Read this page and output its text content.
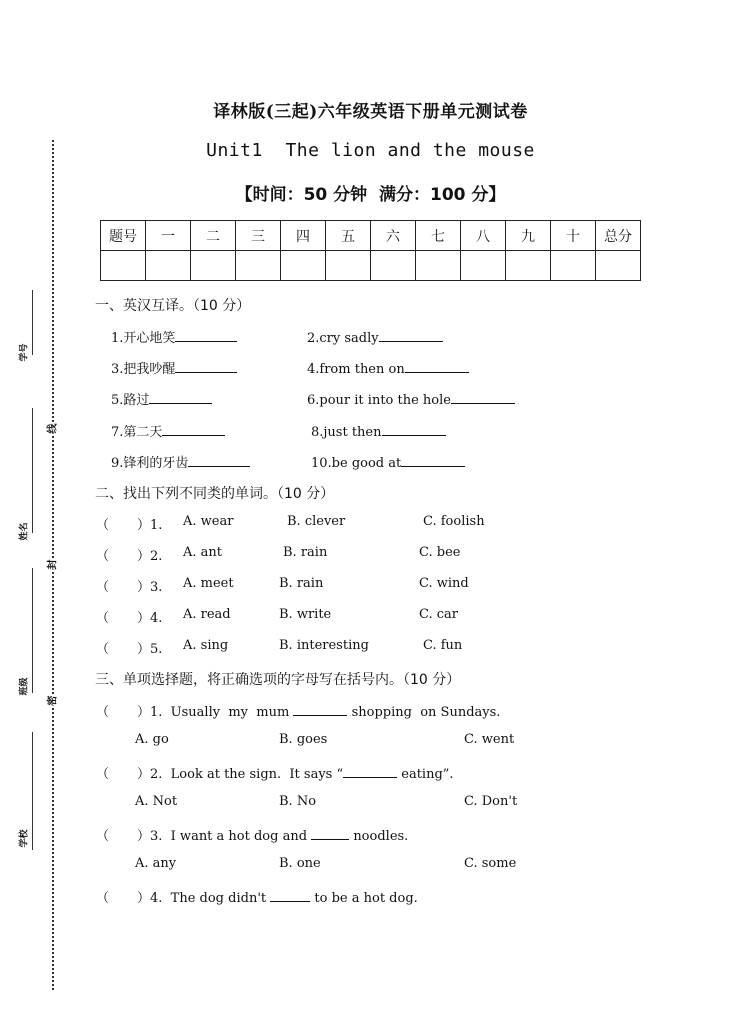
学号
姓名
班级
学校
线
封
密
译林版(三起)六年级英语下册单元测试卷
Unit1  The lion and the mouse
【时间：50 分钟  满分：100 分】
题号	一	二	三	四	五	六	七	八	九	十	总分

一、英汉互译。（10 分）
1.开心地笑	2.cry sadly
3.把我吵醒	4.from then on
5.路过	6.pour it into the hole
7.第二天	8.just then
9.锋利的牙齿	10.be good at
二、找出下列不同类的单词。（10 分）
（ ）1. A. wear	B. clever	C. foolish
（ ）2. A. ant	B. rain	C. bee
（ ）3. A. meet	B. rain	C. wind
（ ）4. A. read	B. write	C. car
（ ）5. A. sing	B. interesting	C. fun
三、单项选择题，将正确选项的字母写在括号内。（10 分）
（ ）1.  Usually  my  mum	shopping  on Sundays.
A. go	B. goes	C. went
（ ）2.  Look at the sign.  It says “	eating”.
A. Not	B. No	C. Don't
（ ）3.  I want a hot dog and	noodles.
A. any	B. one	C. some
（ ）4.  The dog didn't	to be a hot dog.
